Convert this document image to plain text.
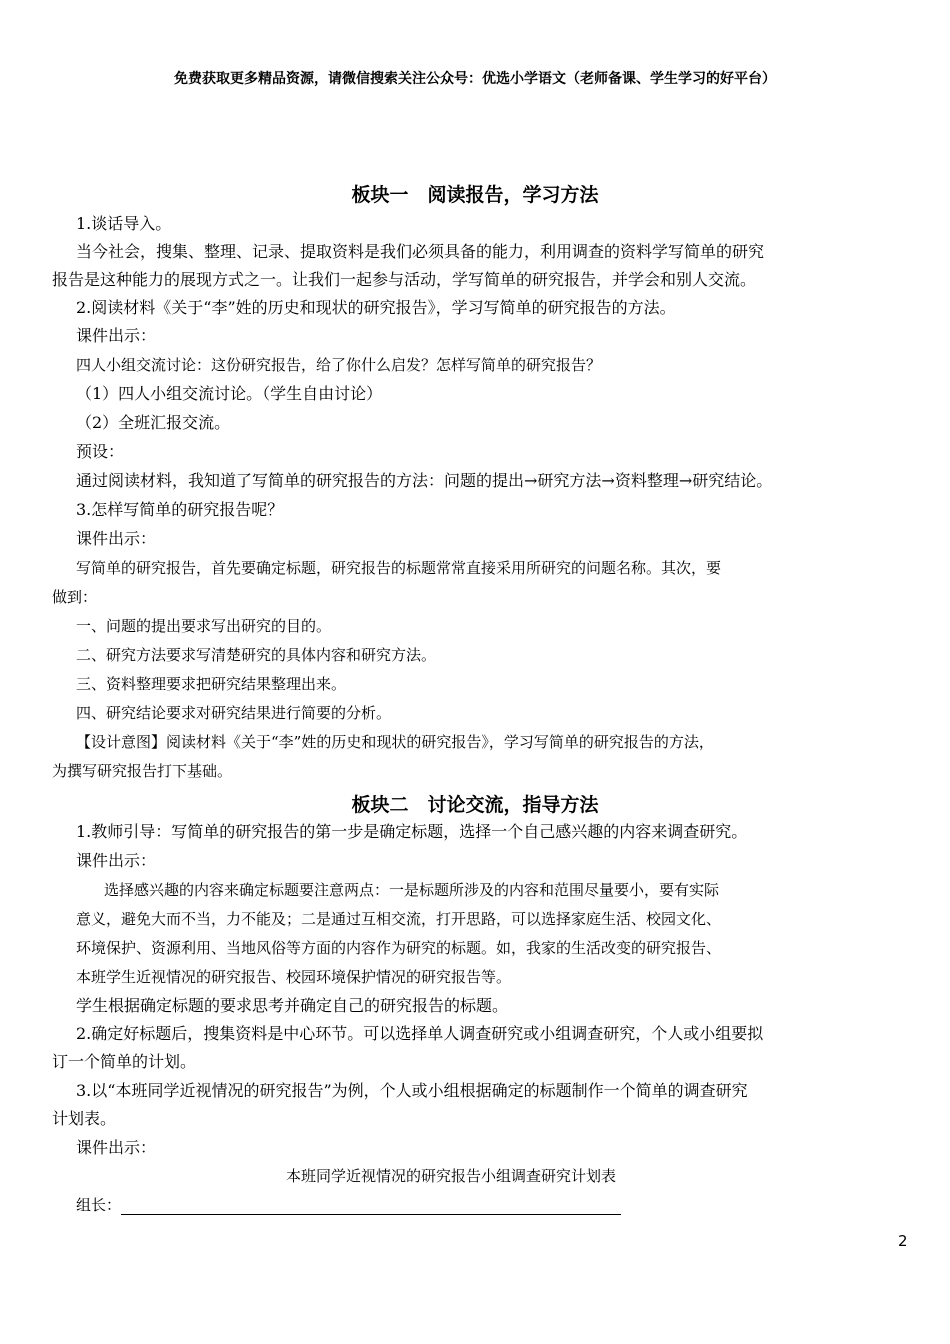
免费获取更多精品资源，请微信搜索关注公众号：优选小学语文（老师备课、学生学习的好平台）
板块一　阅读报告，学习方法
1.谈话导入。
当今社会，搜集、整理、记录、提取资料是我们必须具备的能力，利用调查的资料学写简单的研究
报告是这种能力的展现方式之一。让我们一起参与活动，学写简单的研究报告，并学会和别人交流。
2.阅读材料《关于“李”姓的历史和现状的研究报告》，学习写简单的研究报告的方法。
课件出示：
四人小组交流讨论：这份研究报告，给了你什么启发？怎样写简单的研究报告？
（1）四人小组交流讨论。（学生自由讨论）
（2）全班汇报交流。
预设：
通过阅读材料，我知道了写简单的研究报告的方法：问题的提出→研究方法→资料整理→研究结论。
3.怎样写简单的研究报告呢？
课件出示：
写简单的研究报告，首先要确定标题，研究报告的标题常常直接采用所研究的问题名称。其次，要
做到：
一、问题的提出要求写出研究的目的。
二、研究方法要求写清楚研究的具体内容和研究方法。
三、资料整理要求把研究结果整理出来。
四、研究结论要求对研究结果进行简要的分析。
【设计意图】阅读材料《关于“李”姓的历史和现状的研究报告》，学习写简单的研究报告的方法，
为撰写研究报告打下基础。
板块二　讨论交流，指导方法
1.教师引导：写简单的研究报告的第一步是确定标题，选择一个自己感兴趣的内容来调查研究。
课件出示：
选择感兴趣的内容来确定标题要注意两点：一是标题所涉及的内容和范围尽量要小，要有实际
意义，避免大而不当，力不能及；二是通过互相交流，打开思路，可以选择家庭生活、校园文化、
环境保护、资源利用、当地风俗等方面的内容作为研究的标题。如，我家的生活改变的研究报告、
本班学生近视情况的研究报告、校园环境保护情况的研究报告等。
学生根据确定标题的要求思考并确定自己的研究报告的标题。
2.确定好标题后，搜集资料是中心环节。可以选择单人调查研究或小组调查研究，个人或小组要拟
订一个简单的计划。
3.以“本班同学近视情况的研究报告”为例，个人或小组根据确定的标题制作一个简单的调查研究
计划表。
课件出示：
本班同学近视情况的研究报告小组调查研究计划表
组长：
2
